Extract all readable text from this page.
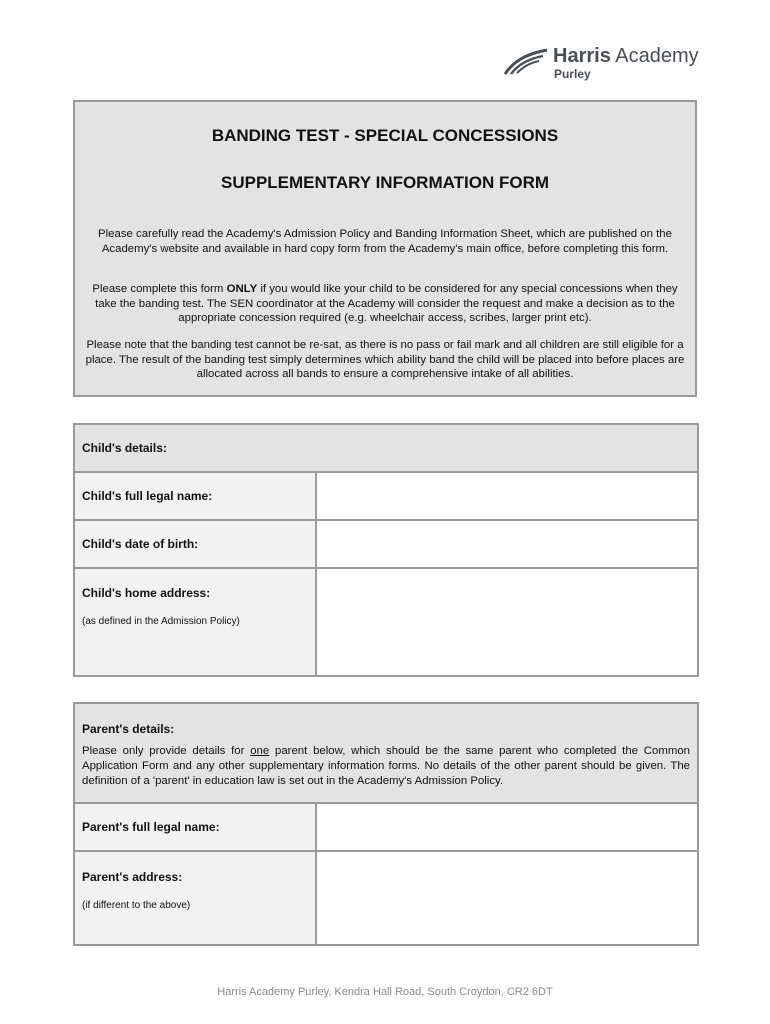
Harris Academy
Purley
BANDING TEST - SPECIAL CONCESSIONS
SUPPLEMENTARY INFORMATION FORM

Please carefully read the Academy's Admission Policy and Banding Information Sheet, which are published on the Academy's website and available in hard copy form from the Academy's main office, before completing this form.

Please complete this form ONLY if you would like your child to be considered for any special concessions when they take the banding test. The SEN coordinator at the Academy will consider the request and make a decision as to the appropriate concession required (e.g. wheelchair access, scribes, larger print etc).

Please note that the banding test cannot be re-sat, as there is no pass or fail mark and all children are still eligible for a place. The result of the banding test simply determines which ability band the child will be placed into before places are allocated across all bands to ensure a comprehensive intake of all abilities.

Child's details:	
Child's full legal name:	
Child's date of birth:	
Child's home address:
(as defined in the Admission Policy)	

Parent's details:
Please only provide details for one parent below, which should be the same parent who completed the Common Application Form and any other supplementary information forms. No details of the other parent should be given. The definition of a 'parent' in education law is set out in the Academy's Admission Policy.	

Parent's full legal name:	
Parent's address:
(if different to the above)	

Harris Academy Purley, Kendra Hall Road, South Croydon, CR2 6DT
